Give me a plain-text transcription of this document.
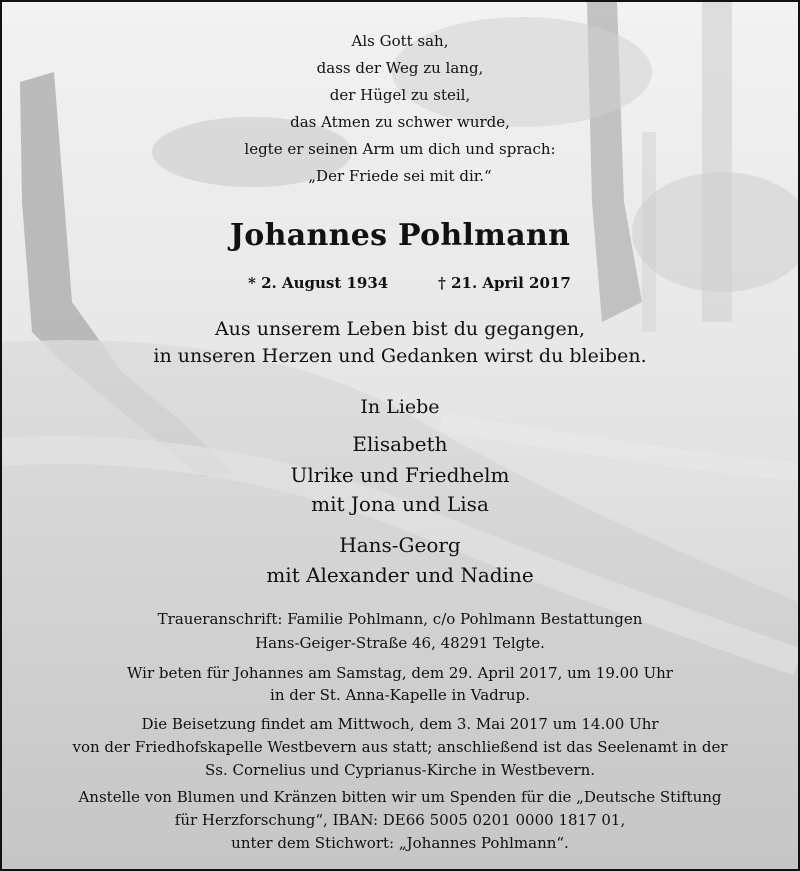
Als Gott sah,
dass der Weg zu lang,
der Hügel zu steil,
das Atmen zu schwer wurde,
legte er seinen Arm um dich und sprach:
„Der Friede sei mit dir.“
Johannes Pohlmann
* 2. August 1934	† 21. April 2017
Aus unserem Leben bist du gegangen,
in unseren Herzen und Gedanken wirst du bleiben.
In Liebe
Elisabeth
Ulrike und Friedhelm
mit Jona und Lisa
Hans-Georg
mit Alexander und Nadine
Traueranschrift: Familie Pohlmann, c/o Pohlmann Bestattungen
Hans-Geiger-Straße 46, 48291 Telgte.
Wir beten für Johannes am Samstag, dem 29. April 2017, um 19.00 Uhr
in der St. Anna-Kapelle in Vadrup.
Die Beisetzung findet am Mittwoch, dem 3. Mai 2017 um 14.00 Uhr
von der Friedhofskapelle Westbevern aus statt; anschließend ist das Seelenamt in der
Ss. Cornelius und Cyprianus-Kirche in Westbevern.
Anstelle von Blumen und Kränzen bitten wir um Spenden für die „Deutsche Stiftung
für Herzforschung“, IBAN: DE66 5005 0201 0000 1817 01,
unter dem Stichwort: „Johannes Pohlmann“.
